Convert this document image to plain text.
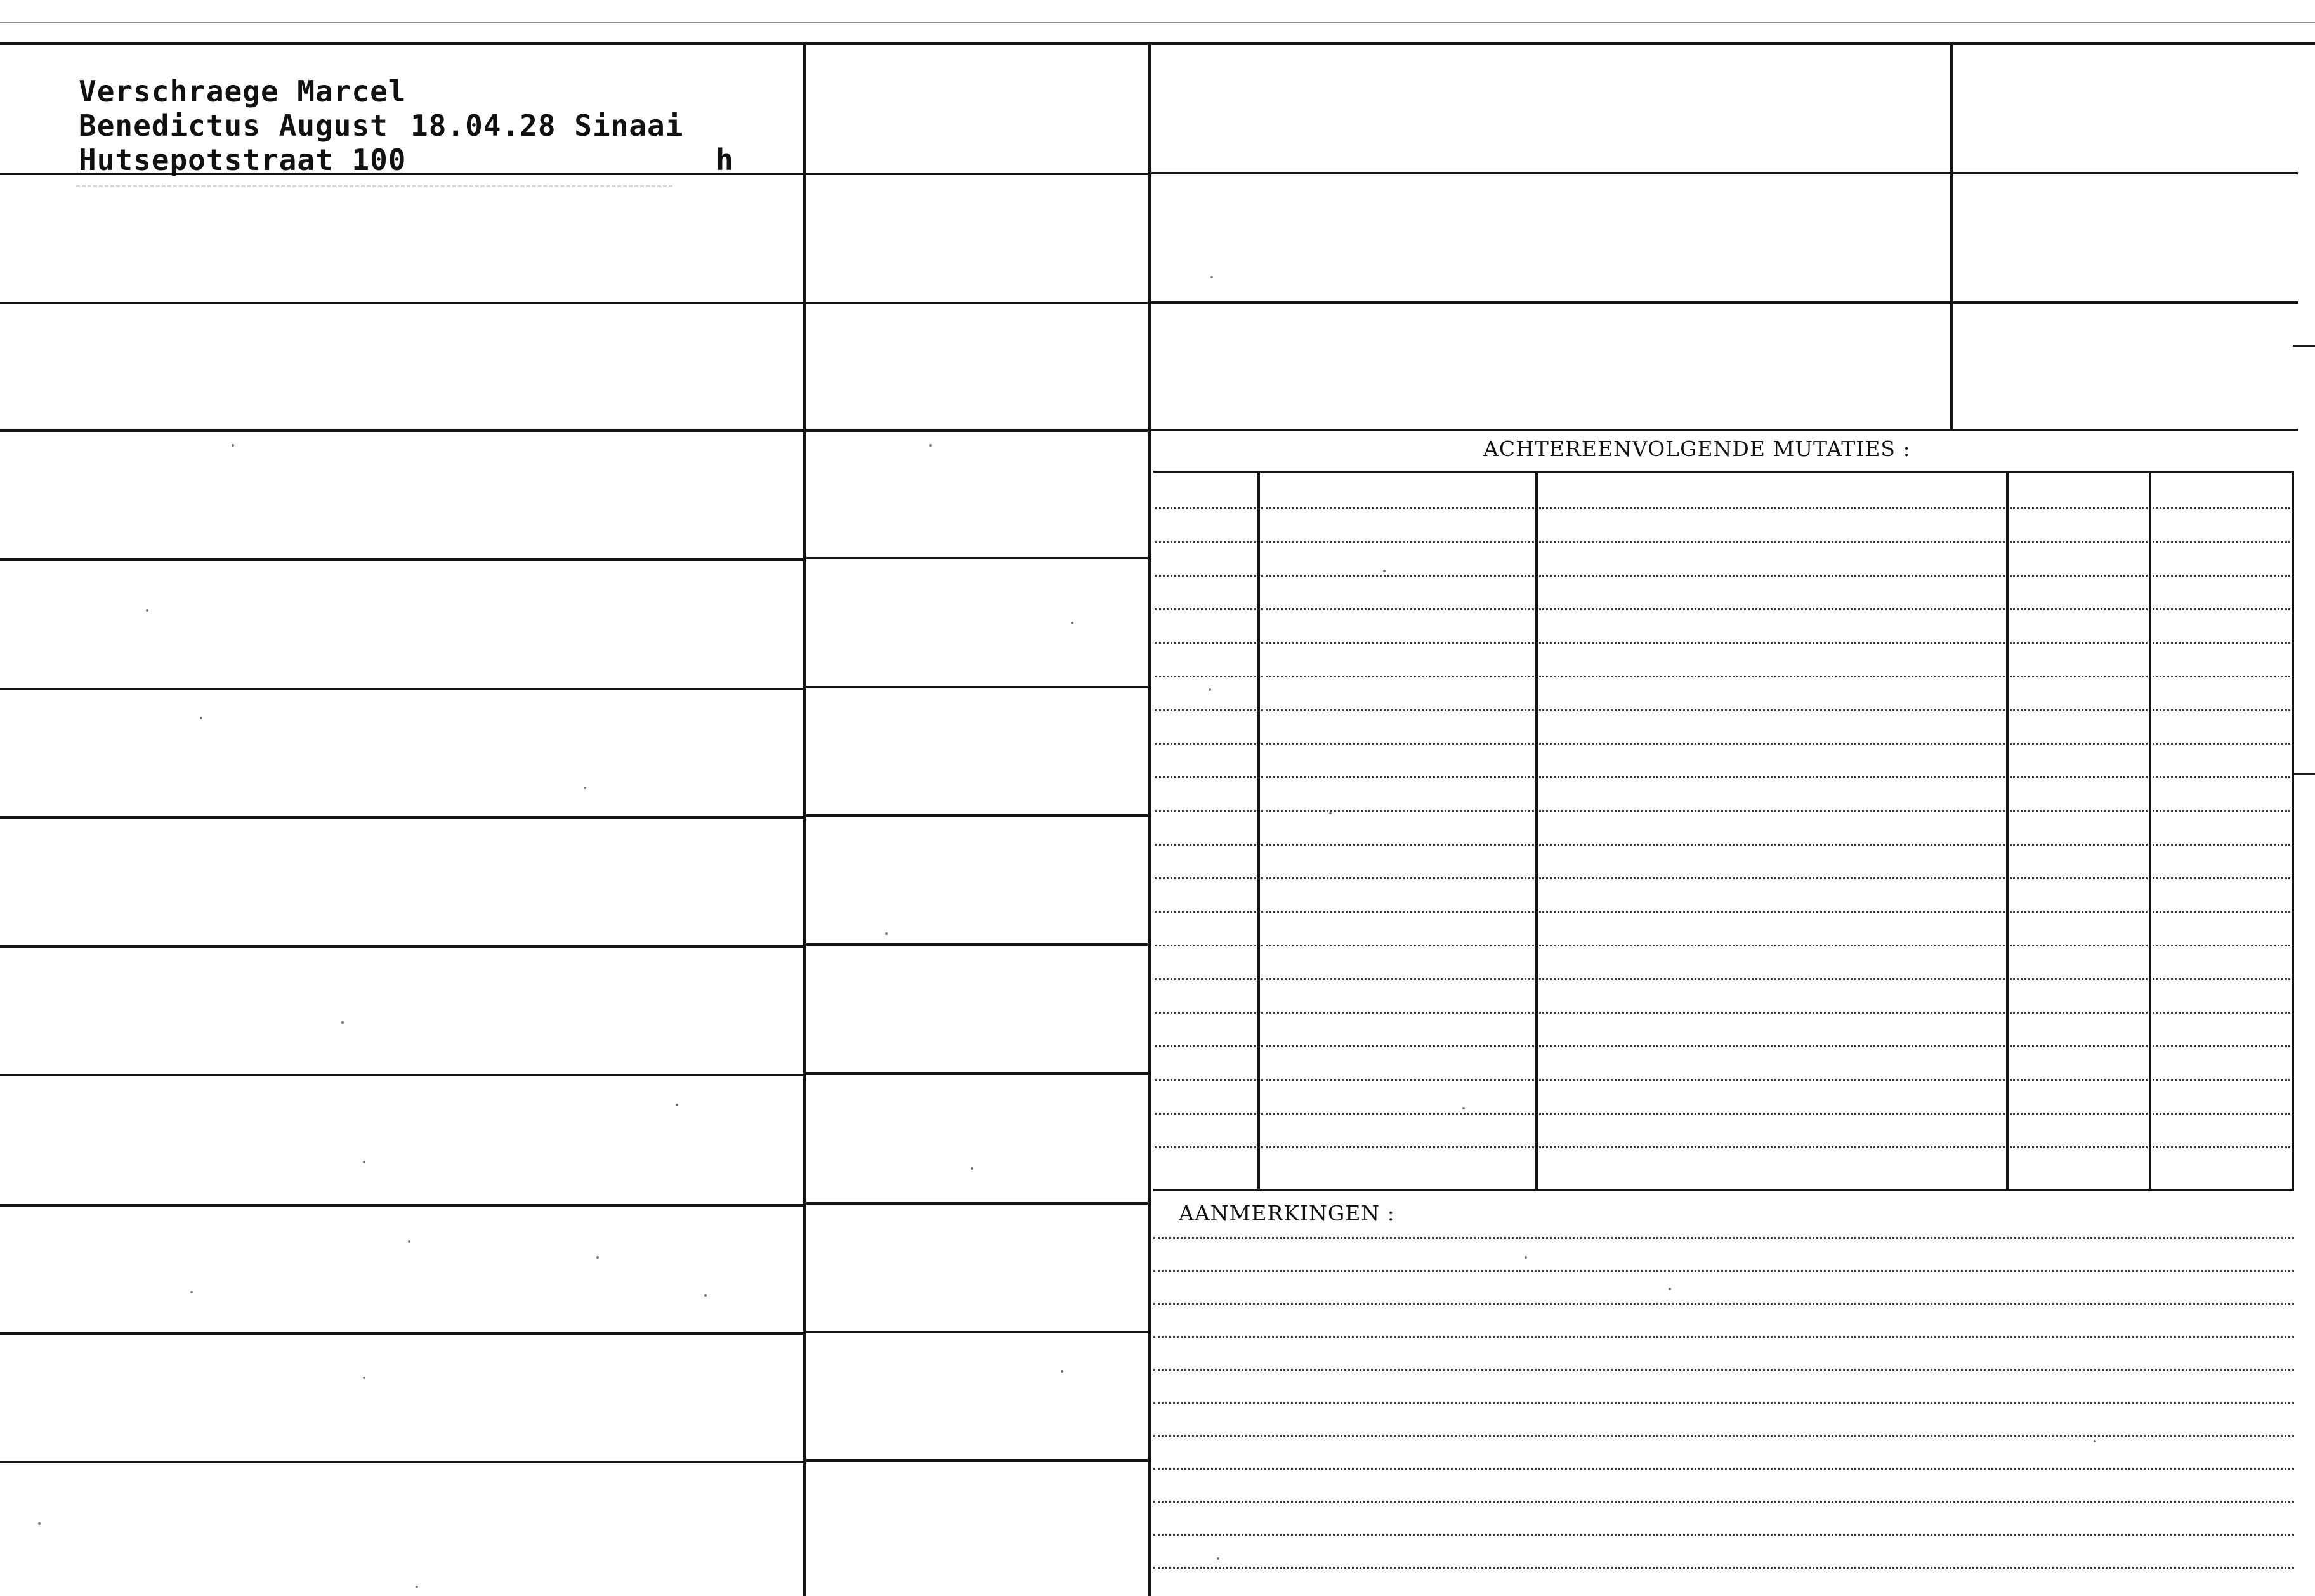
Verschraege Marcel
Benedictus August
Hutsepotstraat 100
18.04.28 Sinaai
h
ACHTEREENVOLGENDE MUTATIES :
AANMERKINGEN :
